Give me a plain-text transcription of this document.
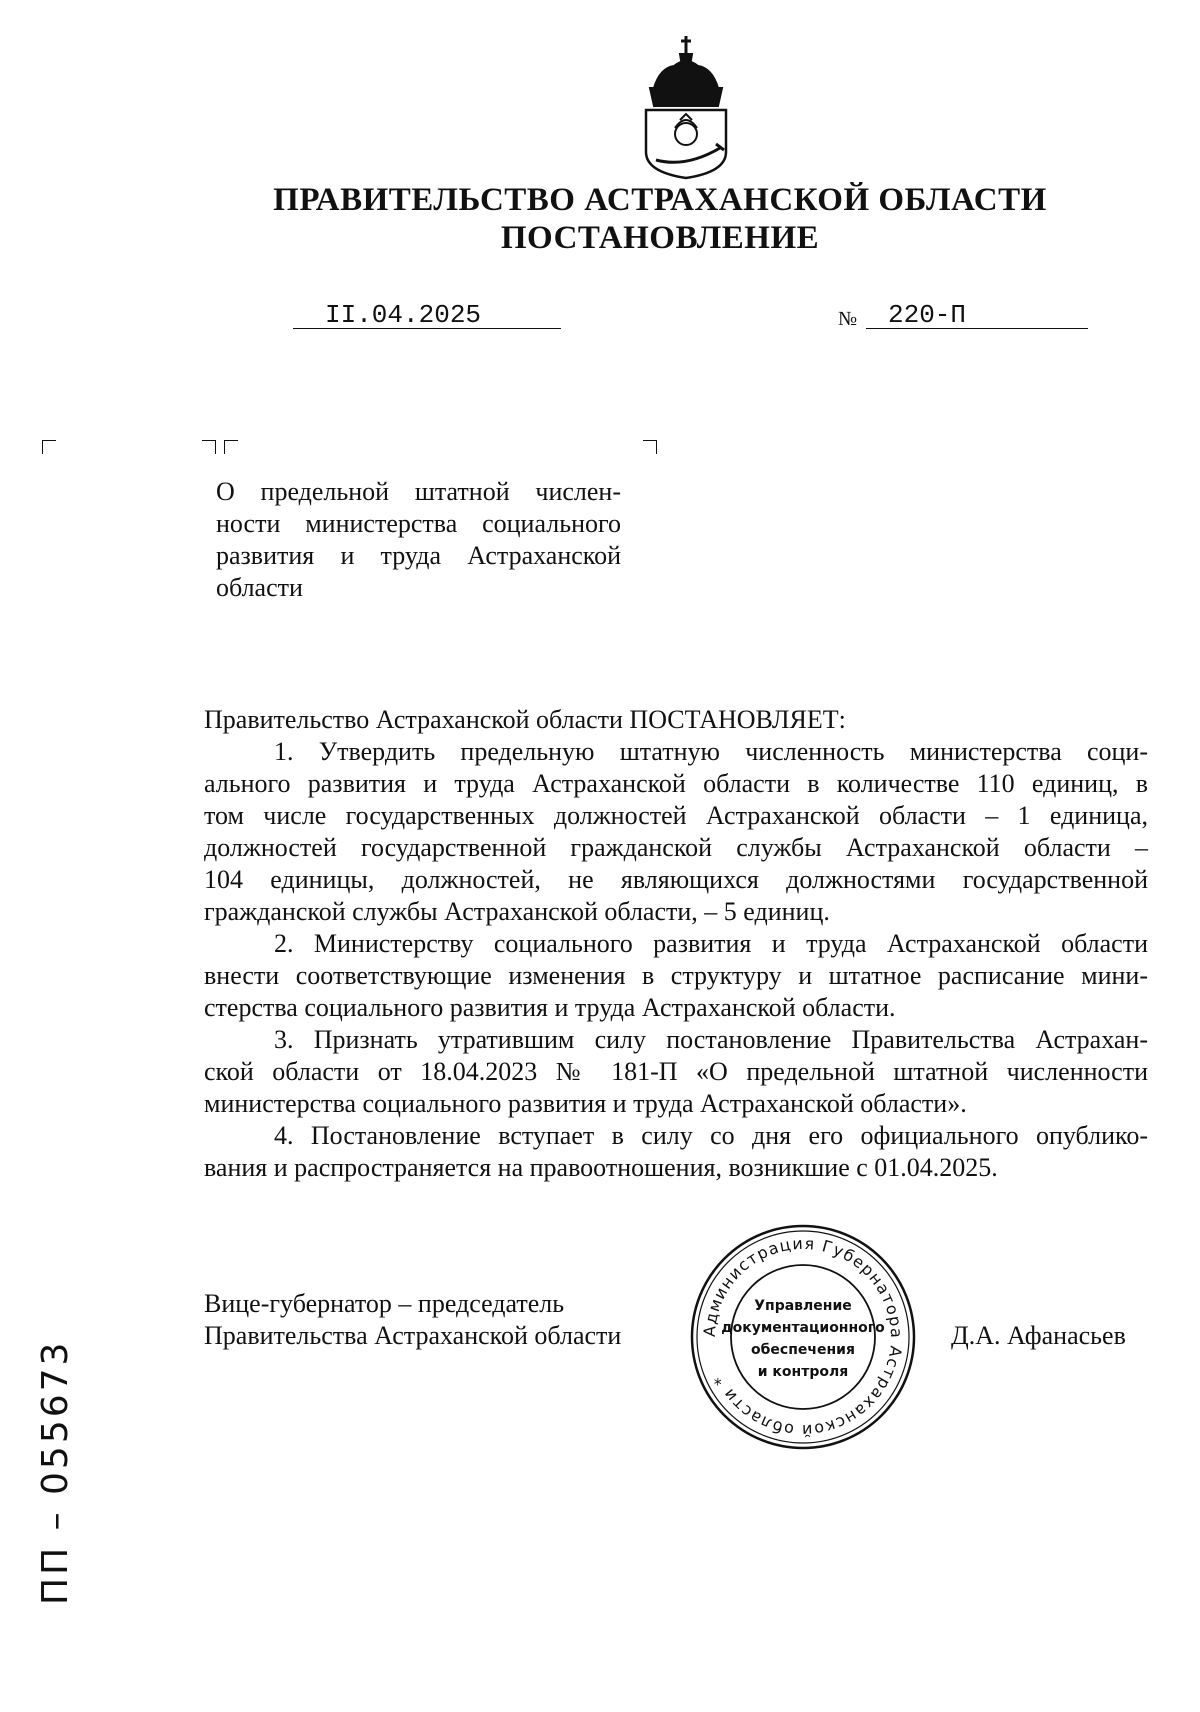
ПРАВИТЕЛЬСТВО АСТРАХАНСКОЙ ОБЛАСТИ
ПОСТАНОВЛЕНИЕ
II.04.2025	№ 220-П
О предельной штатной числен-
ности министерства социального
развития и труда Астраханской
области
Правительство Астраханской области ПОСТАНОВЛЯЕТ:
1. Утвердить предельную штатную численность министерства соци-
ального развития и труда Астраханской области в количестве 110 единиц, в
том числе государственных должностей Астраханской области – 1 единица,
должностей государственной гражданской службы Астраханской области –
104 единицы, должностей, не являющихся должностями государственной
гражданской службы Астраханской области, – 5 единиц.
2. Министерству социального развития и труда Астраханской области
внести соответствующие изменения в структуру и штатное расписание мини-
стерства социального развития и труда Астраханской области.
3. Признать утратившим силу постановление Правительства Астрахан-
ской области от 18.04.2023 № 181-П «О предельной штатной численности
министерства социального развития и труда Астраханской области».
4. Постановление вступает в силу со дня его официального опублико-
вания и распространяется на правоотношения, возникшие с 01.04.2025.
Вице-губернатор – председатель
Правительства Астраханской области	Д.А. Афанасьев
Администрация Губернатора Астраханской области *
Управление
документационного
обеспечения
и контроля
ПП – 055673
